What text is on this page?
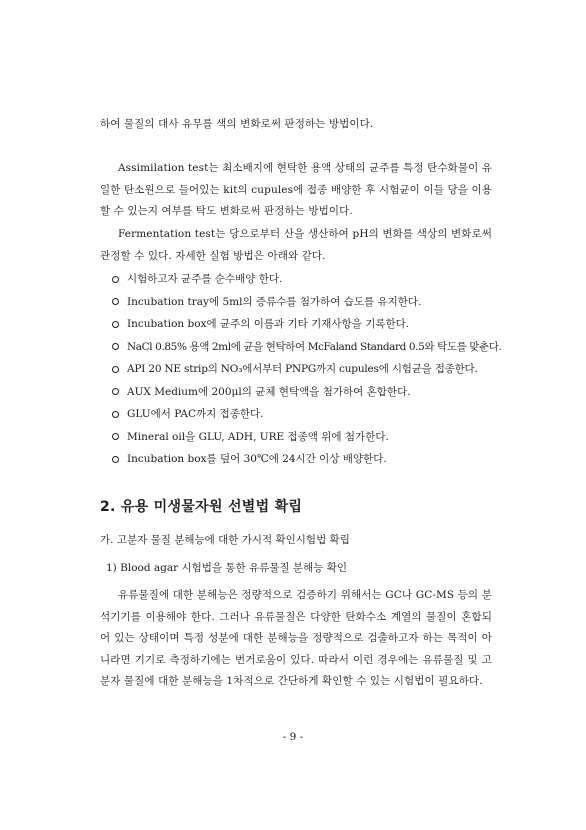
하여 물질의 대사 유무를 색의 변화로써 판정하는 방법이다.

Assimilation test는 최소배지에 현탁한 용액 상태의 균주를 특정 탄수화물이 유일한 탄소원으로 들어있는 kit의 cupules에 접종 배양한 후 시험균이 이들 당을 이용할 수 있는지 여부를 탁도 변화로써 판정하는 방법이다.

Fermentation test는 당으로부터 산을 생산하여 pH의 변화를 색상의 변화로써 관정할 수 있다. 자세한 실험 방법은 아래와 같다.

시험하고자 균주를 순수배양 한다.
Incubation tray에 5ml의 증류수를 첨가하여 습도를 유지한다.
Incubation box에 균주의 이름과 기타 기재사항을 기록한다.
NaCl 0.85% 용액 2ml에 균을 현탁하여 McFaland Standard 0.5와 탁도를 맞춘다.
API 20 NE strip의 NO₃에서부터 PNPG까지 cupules에 시험균을 접종한다.
AUX Medium에 200μl의 균체 현탁액을 첨가하여 혼합한다.
GLU에서 PAC까지 접종한다.
Mineral oil을 GLU, ADH, URE 접종액 위에 첨가한다.
Incubation box를 덮어 30℃에 24시간 이상 배양한다.
2. 유용 미생물자원 선별법 확립

가. 고분자 물질 분해능에 대한 가시적 확인시험법 확립

1) Blood agar 시험법을 통한 유류물질 분해능 확인

유류물질에 대한 분해능은 정량적으로 검증하기 위해서는 GC나 GC-MS 등의 분석기기를 이용해야 한다. 그러나 유류물질은 다양한 탄화수소 계열의 물질이 혼합되어 있는 상태이며 특정 성분에 대한 분해능을 정량적으로 검출하고자 하는 목적이 아니라면 기기로 측정하기에는 번거로움이 있다. 따라서 이런 경우에는 유류물질 및 고분자 물질에 대한 분해능을 1차적으로 간단하게 확인할 수 있는 시험법이 필요하다.

- 9 -
